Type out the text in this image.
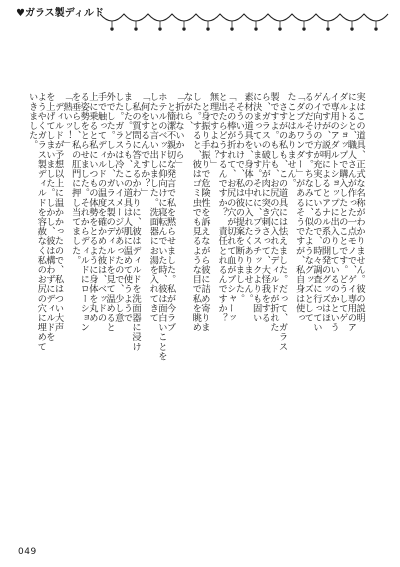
♥ガラス製ディルド
実はこの道具、正式な名称がわかりません。彼の説明
によると、職人さんが作った一点モノで、ゲイ専用のア
ダルトショップで購入したとのことです。どうしてゲ
イ専用のアダルトショップに出入りしているのかという
んですが、説明によるとアナル系の開発のグッズはほ
ゲイ向けの方が充実しているので、時々調査に行ってい
るのだそうです。ちなみに、似たようなグッズとして
「ダブルワンダー」があるそうですが、私自身は使っ
たことはありません。
　さすがの私も、この道具には怯えました。だって、ガラス
製ですよ。もしも、お尻の穴に入れたディルドが折れた
ら、ガラスの破片が肉に突き刺さって、大怪我をする
に決まっています。それに、プラスチックよりも固い
素材の道具を、身体の中に入れたくありません。
　そういうわけで、私は彼の提案を断りました。
「その棒が折れて、お尻の穴が切れて血がブシャーッ
と出たらどうするんですか？　責任とれるんですか？
無理ですよね？」
　と身振り手振りで危険性を訴えながら彼に詰め寄りま
した。すると、彼はゴミ虫でも見るような目で私を眺め
ながら、
「折れないから」
　と簡潔不親切な発言で私を黙らせました。私が今ラブ
ホテルのベッドに仰向けに寝転んでいた時、彼は面白いことを
したいと言い出しました。洗面器にお湯を入れてきて
「何をするんですか？」
　私の質問に答えるかわりに、彼はディルドを洗面器に浸け
ました。どうも、この道具は人肌に温めて使うようで
した。ガラスは冷たいイメージがあったので、少し意
外でした。しかし、ガラス製のディルドを見て温めると
手で触ってディルドの温度を確かめた彼は、ベッドの
上に乗ると私にいつもの体勢をとるように身体を丸め
る姿勢をとらせました。それからディルドにローション
を垂らし、私の肛門に押し当てました。
「熱いッ！」
　ディルドが予想以上に温かかったので、私はつい大声
を上げてしまいました。しかし、彼は構わずにディルドを
ようやくガラス製ディルドを容赦なく私のお尻の穴に埋めて
いきました。
049
